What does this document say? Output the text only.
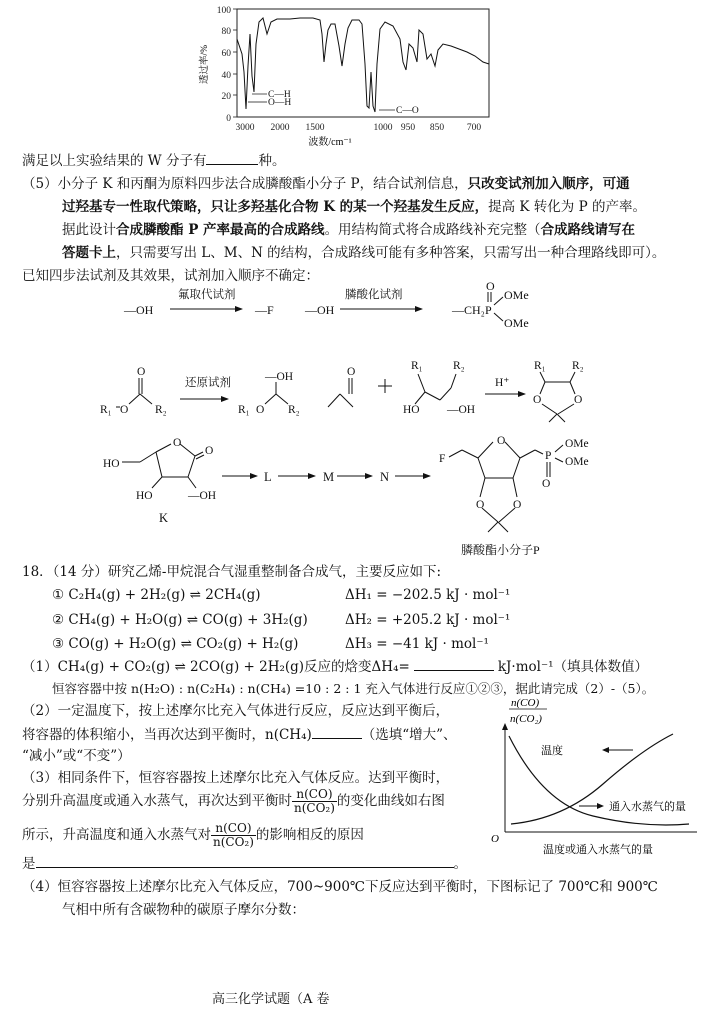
100
80
60
40
20
0
透过率/%
3000 2000 1500	1000 950 850 700
波数/cm⁻¹
C—H
O—H
C—O
满足以上实验结果的 W 分子有	种。
（5）小分子 K 和丙酮为原料四步法合成膦酸酯小分子 P，结合试剂信息，只改变试剂加入顺序，可通
过羟基专一性取代策略，只让多羟基化合物 K 的某一个羟基发生反应，提高 K 转化为 P 的产率。
据此设计合成膦酸酯 P 产率最高的合成路线。用结构简式将合成路线补充完整（合成路线请写在
答题卡上，只需要写出 L、M、N 的结构，合成路线可能有多种答案，只需写出一种合理路线即可）。
已知四步法试剂及其效果，试剂加入顺序不确定：
—OH
氟取代试剂
—F	—OH
膦酸化试剂
—CH₂ P
O
OMe
OMe
R₁ O
O
R₂
还原试剂
R₁ O
—OH
R₂
O	R₁	R₂
HO —OH
H⁺
R₁ R₂
O	O
HO
O
O
HO	—OH
K
L	M	N
F
O
P
OMe
OMe
O
O O
膦酸酯小分子P
18．（14 分）研究乙烯-甲烷混合气湿重整制备合成气，主要反应如下:
① C₂H₄(g) + 2H₂(g) ⇌ 2CH₄(g)	ΔH₁ = −202.5 kJ · mol⁻¹
② CH₄(g) + H₂O(g) ⇌ CO(g) + 3H₂(g)	ΔH₂ = +205.2 kJ · mol⁻¹
③ CO(g) + H₂O(g) ⇌ CO₂(g) + H₂(g)	ΔH₃ = −41 kJ · mol⁻¹
（1）CH₄(g) + CO₂(g) ⇌ 2CO(g) + 2H₂(g)反应的焓变ΔH₄=	kJ·mol⁻¹（填具体数值）
恒容容器中按 n(H₂O) : n(C₂H₄) : n(CH₄) =10 : 2 : 1 充入气体进行反应①②③，据此请完成（2）-（5）。
（2）一定温度下，按上述摩尔比充入气体进行反应，反应达到平衡后，
将容器的体积缩小，当再次达到平衡时，n(CH₄)	（选填“增大”、
“减小”或“不变”）
（3）相同条件下，恒容容器按上述摩尔比充入气体反应。达到平衡时，
分别升高温度或通入水蒸气，再次达到平衡时 $\frac{n(CO)}{\text{n(CO₂)}}$ 的变化曲线如右图
所示，升高温度和通入水蒸气对 $\frac{n(CO)}{\text{n(CO₂)}}$ 的影响相反的原因
是	。
（4）恒容容器按上述摩尔比充入气体反应，700~900℃下反应达到平衡时，下图标记了 700℃和 900℃
气相中所有含碳物种的碳原子摩尔分数：
n(CO)
n(CO₂)
O
温度
通入水蒸气的量
温度或通入水蒸气的量
高三化学试题（A 卷
